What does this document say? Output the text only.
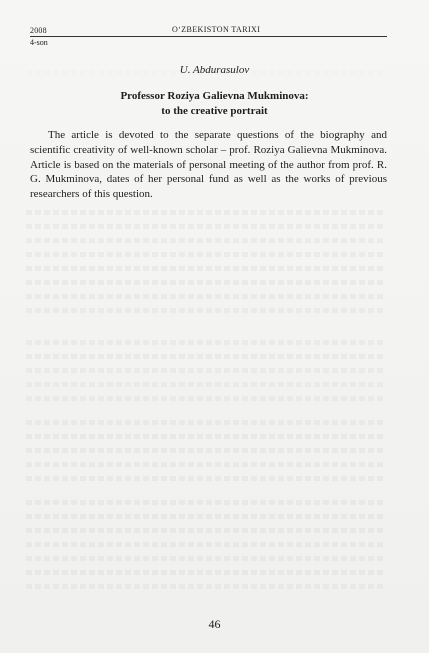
2008	O‘ZBEKISTON TARIXI
4-son
U. Abdurasulov
Professor Roziya Galievna Mukminova:
to the creative portrait
The article is devoted to the separate questions of the biography and scientific creativity of well-known scholar – prof. Roziya Galievna Mukminova. Article is based on the materials of personal meeting of the author from prof. R. G. Mukminova, dates of her personal fund as well as the works of previous researchers of this question.
46
